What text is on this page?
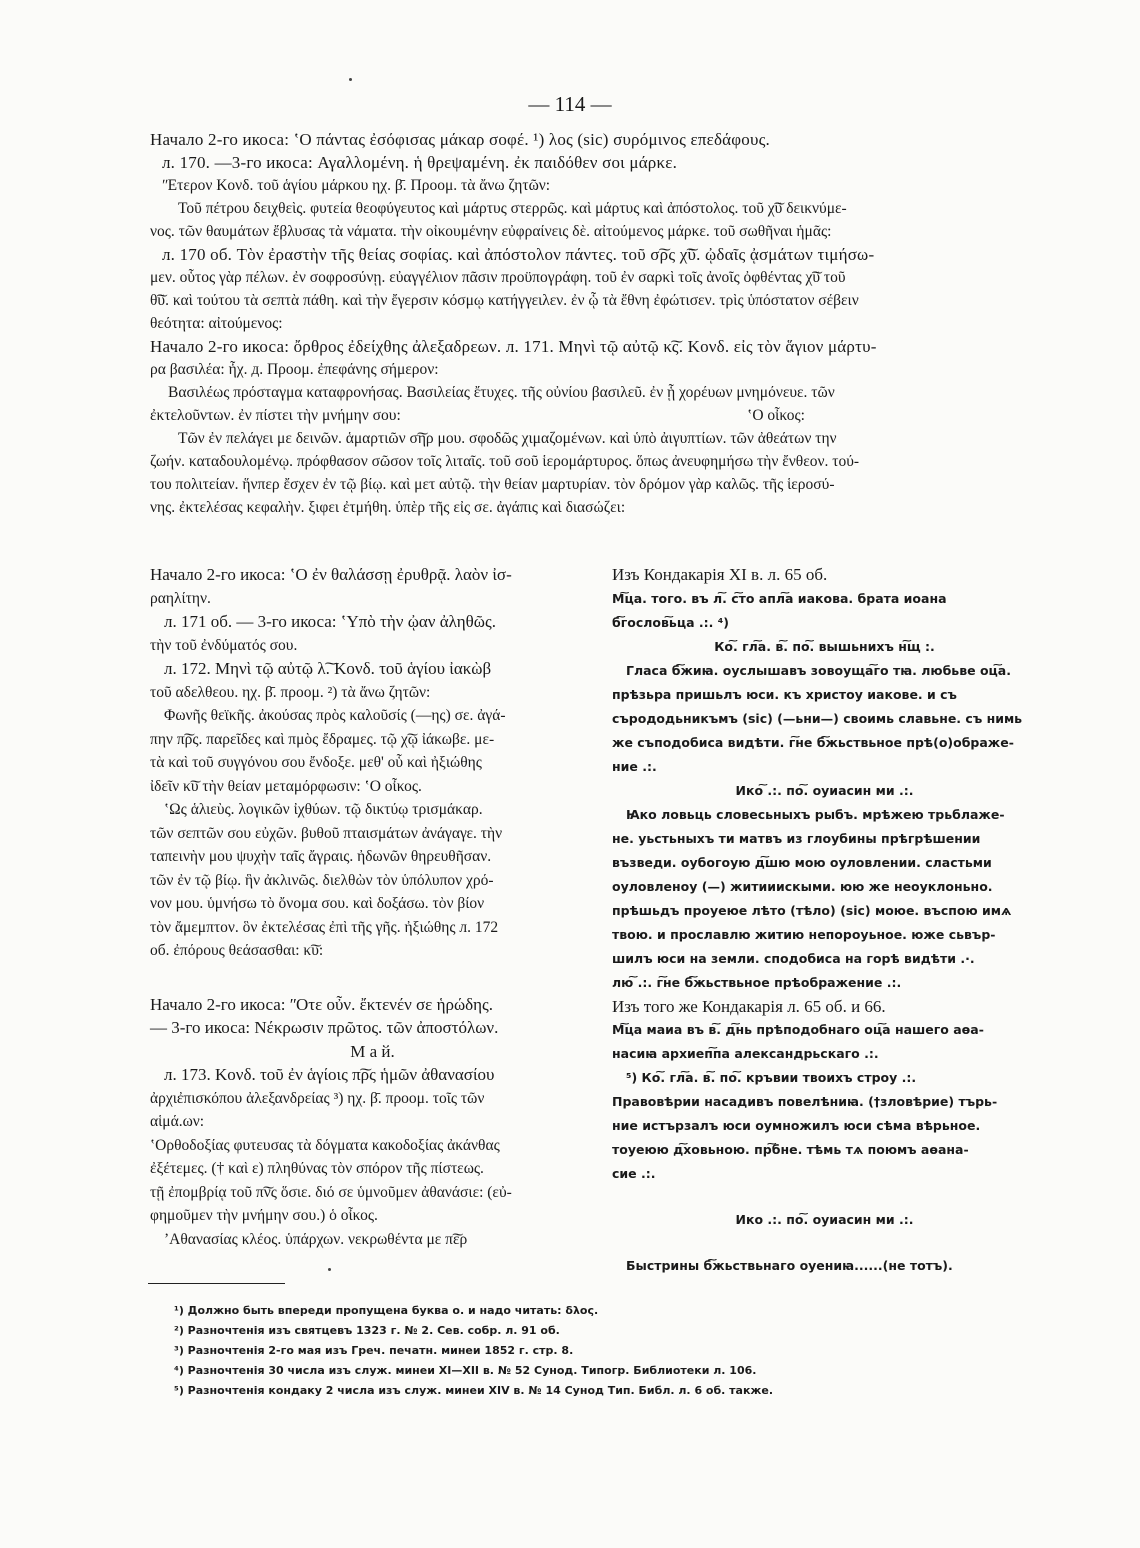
— 114 —

Начало 2-го икоса: ʽΟ πάντας ἐσόφισας μάκαρ σοφέ. ¹) λος (sic) συρόμινος επεδάφους.

л. 170. —3-го икоса: Αγαλλομένη. ἡ θρεψαμένη. ἐκ παιδόθεν σοι μάρκε.

ʺΕτερον Κονδ. τοῦ ἁγίου μάρκου ηχ. β̄. Προομ. τὰ ἄνω ζητῶν:

Τοῦ πέτρου δειχθεὶς. φυτεία θεοφύγευτος καὶ μάρτυς στερρῶς. καὶ μάρτυς καὶ ἀπόστολος. τοῦ χ͠ῦ δεικνύμε-

νος. τῶν θαυμάτων ἔβλυσας τὰ νάματα. τὴν οἰκουμένην εὐφραίνεις δὲ. αἰτούμενος μάρκε. τοῦ σωθῆναι ἡμᾶς:

л. 170 об. Τὸν ἐραστὴν τῆς θείας σοφίας. καὶ ἀπόστολον πάντες. τοῦ σ͠ρς χ͠ῦ. ᾠδαῖς ᾀσμάτων τιμήσω-

μεν. οὗτος γὰρ πέλων. ἐν σοφροσύνῃ. εὐαγγέλιον πᾶσιν προϋπογράφη. τοῦ ἐν σαρκὶ τοῖς ἀνοῖς ὀφθέντας χ͠ῦ τοῦ

θ͠ῦ. καὶ τούτου τὰ σεπτὰ πάθη. καὶ τὴν ἔγερσιν κόσμῳ κατήγγειλεν. ἐν ᾧ τὰ ἔθνη ἐφώτισεν. τρὶς ὑπόστατον σέβειν

θεότητα: αἰτούμενος:

Начало 2-го икоса: ὄρθρος ἐδείχθης ἀλεξαδρεων. л. 171. Μηνὶ τῷ αὐτῷ κ͠ς. Κονδ. εἰς τὸν ἅγιον μάρτυ-

ρα βασιλέα: ἦχ. д. Προομ. ἐπεφάνης σήμερον:

Βασιλέως πρόσταγμα καταφρονήσας. Βασιλείας ἔτυχες. τῆς οὐνίου βασιλεῦ. ἐν ᾗ χορέυων μνημόνευε. τῶν

ἐκτελοῦντων. ἐν πίστει τὴν μνήμην σου:	ʽΟ οἶκος:

Τῶν ἐν πελάγει με δεινῶν. ἁμαρτιῶν σ͠ηρ μου. σφοδῶς χιμαζομένων. καὶ ὑπὸ ἀιγυπτίων. τῶν ἀθεάτων την

ζωήν. καταδουλομένῳ. πρόφθασον σῶσον τοῖς λιταῖς. τοῦ σοῦ ἱερομάρτυρος. ὅπως ἀνευφημήσω τὴν ἔνθεον. τού-

του πολιτείαν. ἥνπερ ἔσχεν ἐν τῷ βίῳ. καὶ μετ αὐτῷ. τὴν θείαν μαρτυρίαν. τὸν δρόμον γὰρ καλῶς. τῆς ἱεροσύ-

νης. ἐκτελέσας κεφαλὴν. ξιφει ἐτμήθη. ὑπὲρ τῆς εἰς σε. ἀγάπις καὶ διασώζει:

Начало 2-го икоса: ʽΟ ἐν θαλάσσῃ ἐρυθρᾷ. λαὸν ἰσ-

ραηλίτην.

л. 171 об. — 3-го икоса: ʽΥπὸ τὴν ᾠαν ἀληθῶς.

τὴν τοῦ ἐνδύματός σου.

л. 172. Μηνὶ τῷ αὐτῷ λ͠. Κονδ. τοῦ ἁγίου ἰακὼβ

τοῦ αδελθεου. ηχ. β̄. προομ. ²) τὰ ἄνω ζητῶν:

Φωνῆς θεϊκῆς. ἀκούσας πρὸς καλοῦσίς (—ης) σε. ἀγά-

πην π͠ρς. παρεῖδες καὶ πμὸς ἔδραμες. τῷ χ͠ῳ ἰάκωβε. με-

τὰ καὶ τοῦ συγγόνου σου ἔνδοξε. μεθ' οὗ καὶ ἠξιώθης

ἰδεῖν κ͠υ τὴν θείαν μεταμόρφωσιν: ʽΟ οἶκος.

ʽΩς ἁλιεὺς. λογικῶν ἰχθύων. τῷ δικτύῳ τρισμάκαρ.

τῶν σεπτῶν σου εὐχῶν. βυθοῦ πταισμάτων ἀνάγαγε. τὴν

ταπεινὴν μου ψυχὴν ταῖς ἄγραις. ἠδωνῶν θηρευθῆσαν.

τῶν ἐν τῷ βίῳ. ἣν ἀκλινῶς. διελθὼν τὸν ὑπόλυπον χρό-

νον μου. ὑμνήσω τὸ ὄνομα σου. καὶ δοξάσω. τὸν βίον

τὸν ἄμεμπτον. ὃν ἐκτελέσας ἐπὶ τῆς γῆς. ἠξιώθης л. 172

об. ἐπόρους θεάσασθαι: κ͠υ:

Начало 2-го икоса: ʺΟτε οὖν. ἔκτενέν σε ἡρώδης.

— 3-го икоса: Νέκρωσιν πρῶτος. τῶν ἀποστόλων.

М а й.

л. 173. Κονδ. τοῦ ἐν ἁγίοις π͠ρς ἡμῶν ἀθανασίου

ἀρχιἐπισκόπου ἀλεξανδρείας ³) ηχ. β̄. προομ. τοῖς τῶν

αἱμά.ων:

ʽΟρθοδοξίας φυτευσας τὰ δόγματα κακοδοξίας ἀκάνθας

ἐξέτεμες. († καὶ ε) πληθύνας τὸν σπόρον τῆς πίστεως.

τῇ ἐπομβρίᾳ τοῦ π͠νς ὅσιε. διό σε ὑμνοῦμεν ἀθανάσιε: (εὐ-

φημοῦμεν τὴν μνήμην σου.) ὁ οἶκος.

ʼΑθανασίας κλέος. ὑπάρχων. νεκρωθέντα με π͠ερ

Изъ Кондакарія XI в. л. 65 об.

М͠ца. того. въ л͠. с͠то апл͠а иакова. брата иоана

б͠гослов͠ьца .:. ⁴)

Ко͠. гл͠а. в͠. по͠. вышьнихъ н͠щ :.

Гласа б͠жиꙗ. оуслышавъ зовоуща͠го тꙗ. любьве оц͠а.

прѣзьра пришьлъ юси. къ христоу иакове. и съ

сърододьникъмъ (sic) (—ьни—) своимь славьне. съ нимь

же съподобиса видѣти. г͠не б͠жьствьное прѣ(о)ображе-

ние .:.

Ико͠ .:. по͠. оуиасин ми .:.

Ꙗко ловьць словесьныхъ рыбъ. мрѣжею трьблаже-

не. уьстьныхъ ти матвъ из глоубины прѣгрѣшении

възведи. оубогоую д͠шю мою оуловлении. сластьми

оуловленоу (—) житииискыми. юю же неоуклоньно.

прѣшьдъ проуеюе лѣто (тѣло) (sic) моюе. въспою имѧ

твою. и прославлю житию непороуьное. юже сьвър-

шилъ юси на земли. сподобиса на горѣ видѣти .·.

лю͠ .:. г͠не б͠жьствьное прѣображение .:.

Изъ того же Кондакарія л. 65 об. и 66.

М͠ца маиа въ в͠. д͠нь прѣподобнаго оц͠а нашего аѳа-

насиꙗ архиеп͠па александрьскаго .:.

⁵) Ко͠. гл͠а. в͠. по͠. кръвии твоихъ строу .:.

Правовѣрии насадивъ повелѣниꙗ. (†зловѣрие) търь-

ние истързалъ юси оумножилъ юси сѣма вѣрьное.

тоуеюю д͠ховьною. пр͠бне. тѣмь тѧ поюмъ аѳана-

сие .:.

Ико .:. по͠. оуиасин ми .:.

Быстрины б͠жьствьнаго оуениꙗ......(не тотъ).

¹) Должно быть впереди пропущена буква о. и надо читать: δλος.

²) Разночтенія изъ святцевъ 1323 г. № 2. Сев. собр. л. 91 об.

³) Разночтенія 2-го мая изъ Греч. печатн. минеи 1852 г. стр. 8.

⁴) Разночтенія 30 числа изъ служ. минеи XI—XII в. № 52 Сунод. Типогр. Библиотеки л. 106.

⁵) Разночтенія кондаку 2 числа изъ служ. минеи XIV в. № 14 Сунод Тип. Библ. л. 6 об. также.
